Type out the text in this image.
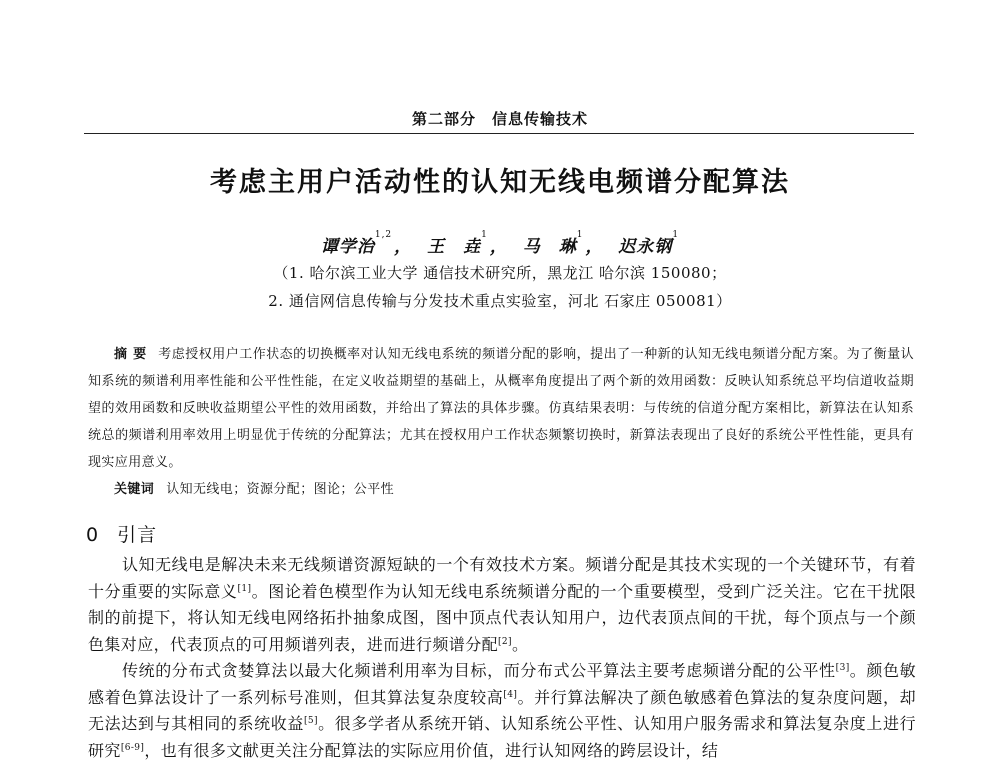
第二部分　信息传输技术
考虑主用户活动性的认知无线电频谱分配算法
谭学治$^{1,2}$， 王　垚$^1$， 马　琳$^1$， 迟永钢$^1$
（1. 哈尔滨工业大学 通信技术研究所，黑龙江 哈尔滨 150080；
2. 通信网信息传输与分发技术重点实验室，河北 石家庄 050081）
摘要 考虑授权用户工作状态的切换概率对认知无线电系统的频谱分配的影响，提出了一种新的认知无线电频谱分配方案。为了衡量认知系统的频谱利用率性能和公平性性能，在定义收益期望的基础上，从概率角度提出了两个新的效用函数：反映认知系统总平均信道收益期望的效用函数和反映收益期望公平性的效用函数，并给出了算法的具体步骤。仿真结果表明：与传统的信道分配方案相比，新算法在认知系统总的频谱利用率效用上明显优于传统的分配算法；尤其在授权用户工作状态频繁切换时，新算法表现出了良好的系统公平性性能，更具有现实应用意义。
关键词 认知无线电；资源分配；图论；公平性
0 引言

认知无线电是解决未来无线频谱资源短缺的一个有效技术方案。频谱分配是其技术实现的一个关键环节，有着十分重要的实际意义[1]。图论着色模型作为认知无线电系统频谱分配的一个重要模型，受到广泛关注。它在干扰限制的前提下，将认知无线电网络拓扑抽象成图，图中顶点代表认知用户，边代表顶点间的干扰，每个顶点与一个颜色集对应，代表顶点的可用频谱列表，进而进行频谱分配[2]。

传统的分布式贪婪算法以最大化频谱利用率为目标，而分布式公平算法主要考虑频谱分配的公平性[3]。颜色敏感着色算法设计了一系列标号准则，但其算法复杂度较高[4]。并行算法解决了颜色敏感着色算法的复杂度问题，却无法达到与其相同的系统收益[5]。很多学者从系统开销、认知系统公平性、认知用户服务需求和算法复杂度上进行研究[6-9]，也有很多文献更关注分配算法的实际应用价值，进行认知网络的跨层设计，结
